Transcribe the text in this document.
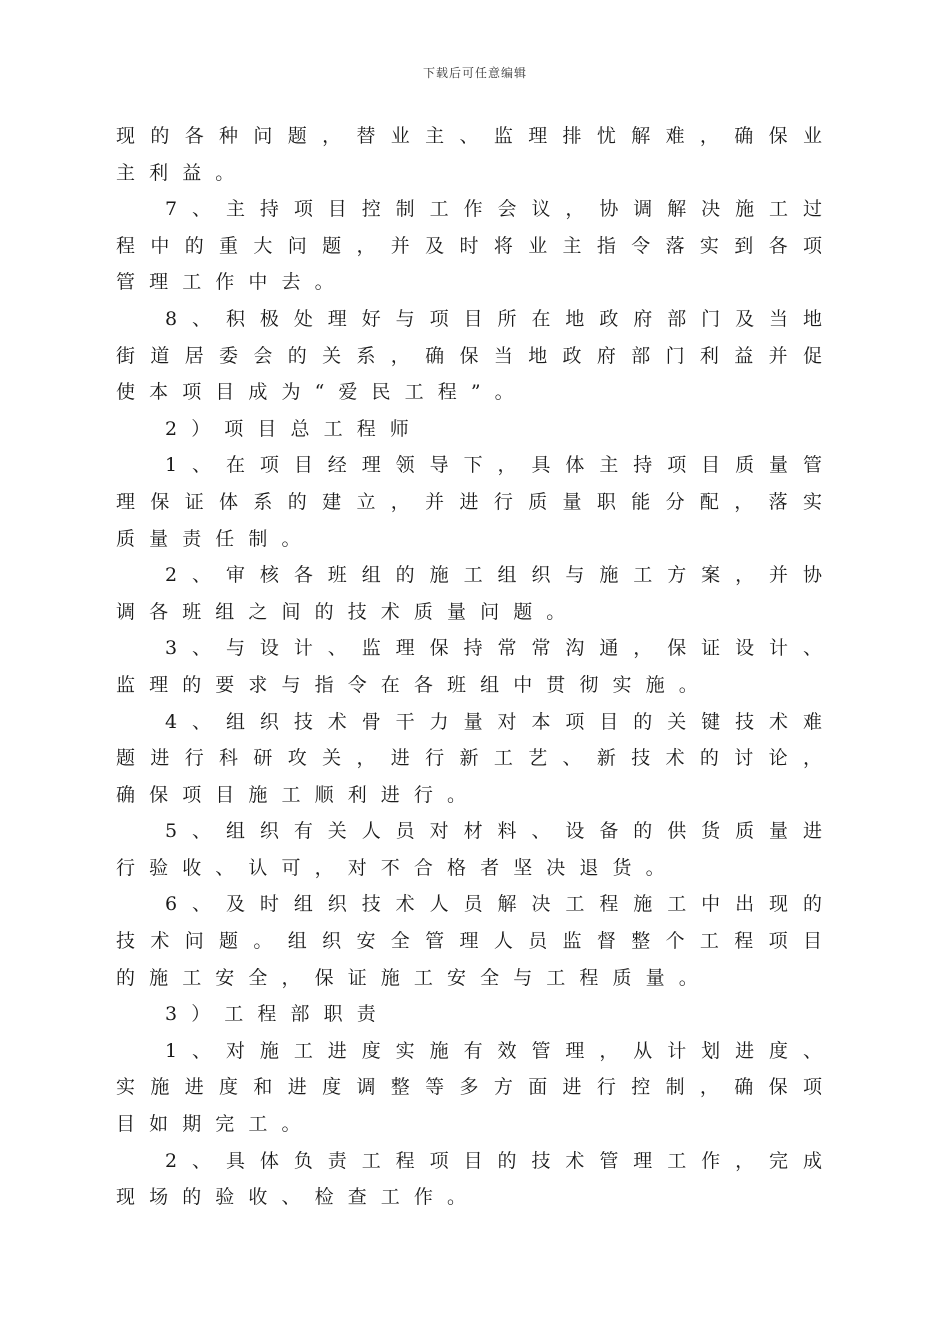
下载后可任意编辑

现的各种问题，替业主、监理排忧解难，确保业主利益。

7、主持项目控制工作会议，协调解决施工过程中的重大问题，并及时将业主指令落实到各项管理工作中去。

8、积极处理好与项目所在地政府部门及当地街道居委会的关系，确保当地政府部门利益并促使本项目成为“爱民工程”。

2）项目总工程师

1、在项目经理领导下，具体主持项目质量管理保证体系的建立，并进行质量职能分配，落实质量责任制。

2、审核各班组的施工组织与施工方案，并协调各班组之间的技术质量问题。

3、与设计、监理保持常常沟通，保证设计、监理的要求与指令在各班组中贯彻实施。

4、组织技术骨干力量对本项目的关键技术难题进行科研攻关，进行新工艺、新技术的讨论，确保项目施工顺利进行。

5、组织有关人员对材料、设备的供货质量进行验收、认可，对不合格者坚决退货。

6、及时组织技术人员解决工程施工中出现的技术问题。组织安全管理人员监督整个工程项目的施工安全，保证施工安全与工程质量。

3）工程部职责

1、对施工进度实施有效管理，从计划进度、实施进度和进度调整等多方面进行控制，确保项目如期完工。

2、具体负责工程项目的技术管理工作，完成现场的验收、检查工作。
